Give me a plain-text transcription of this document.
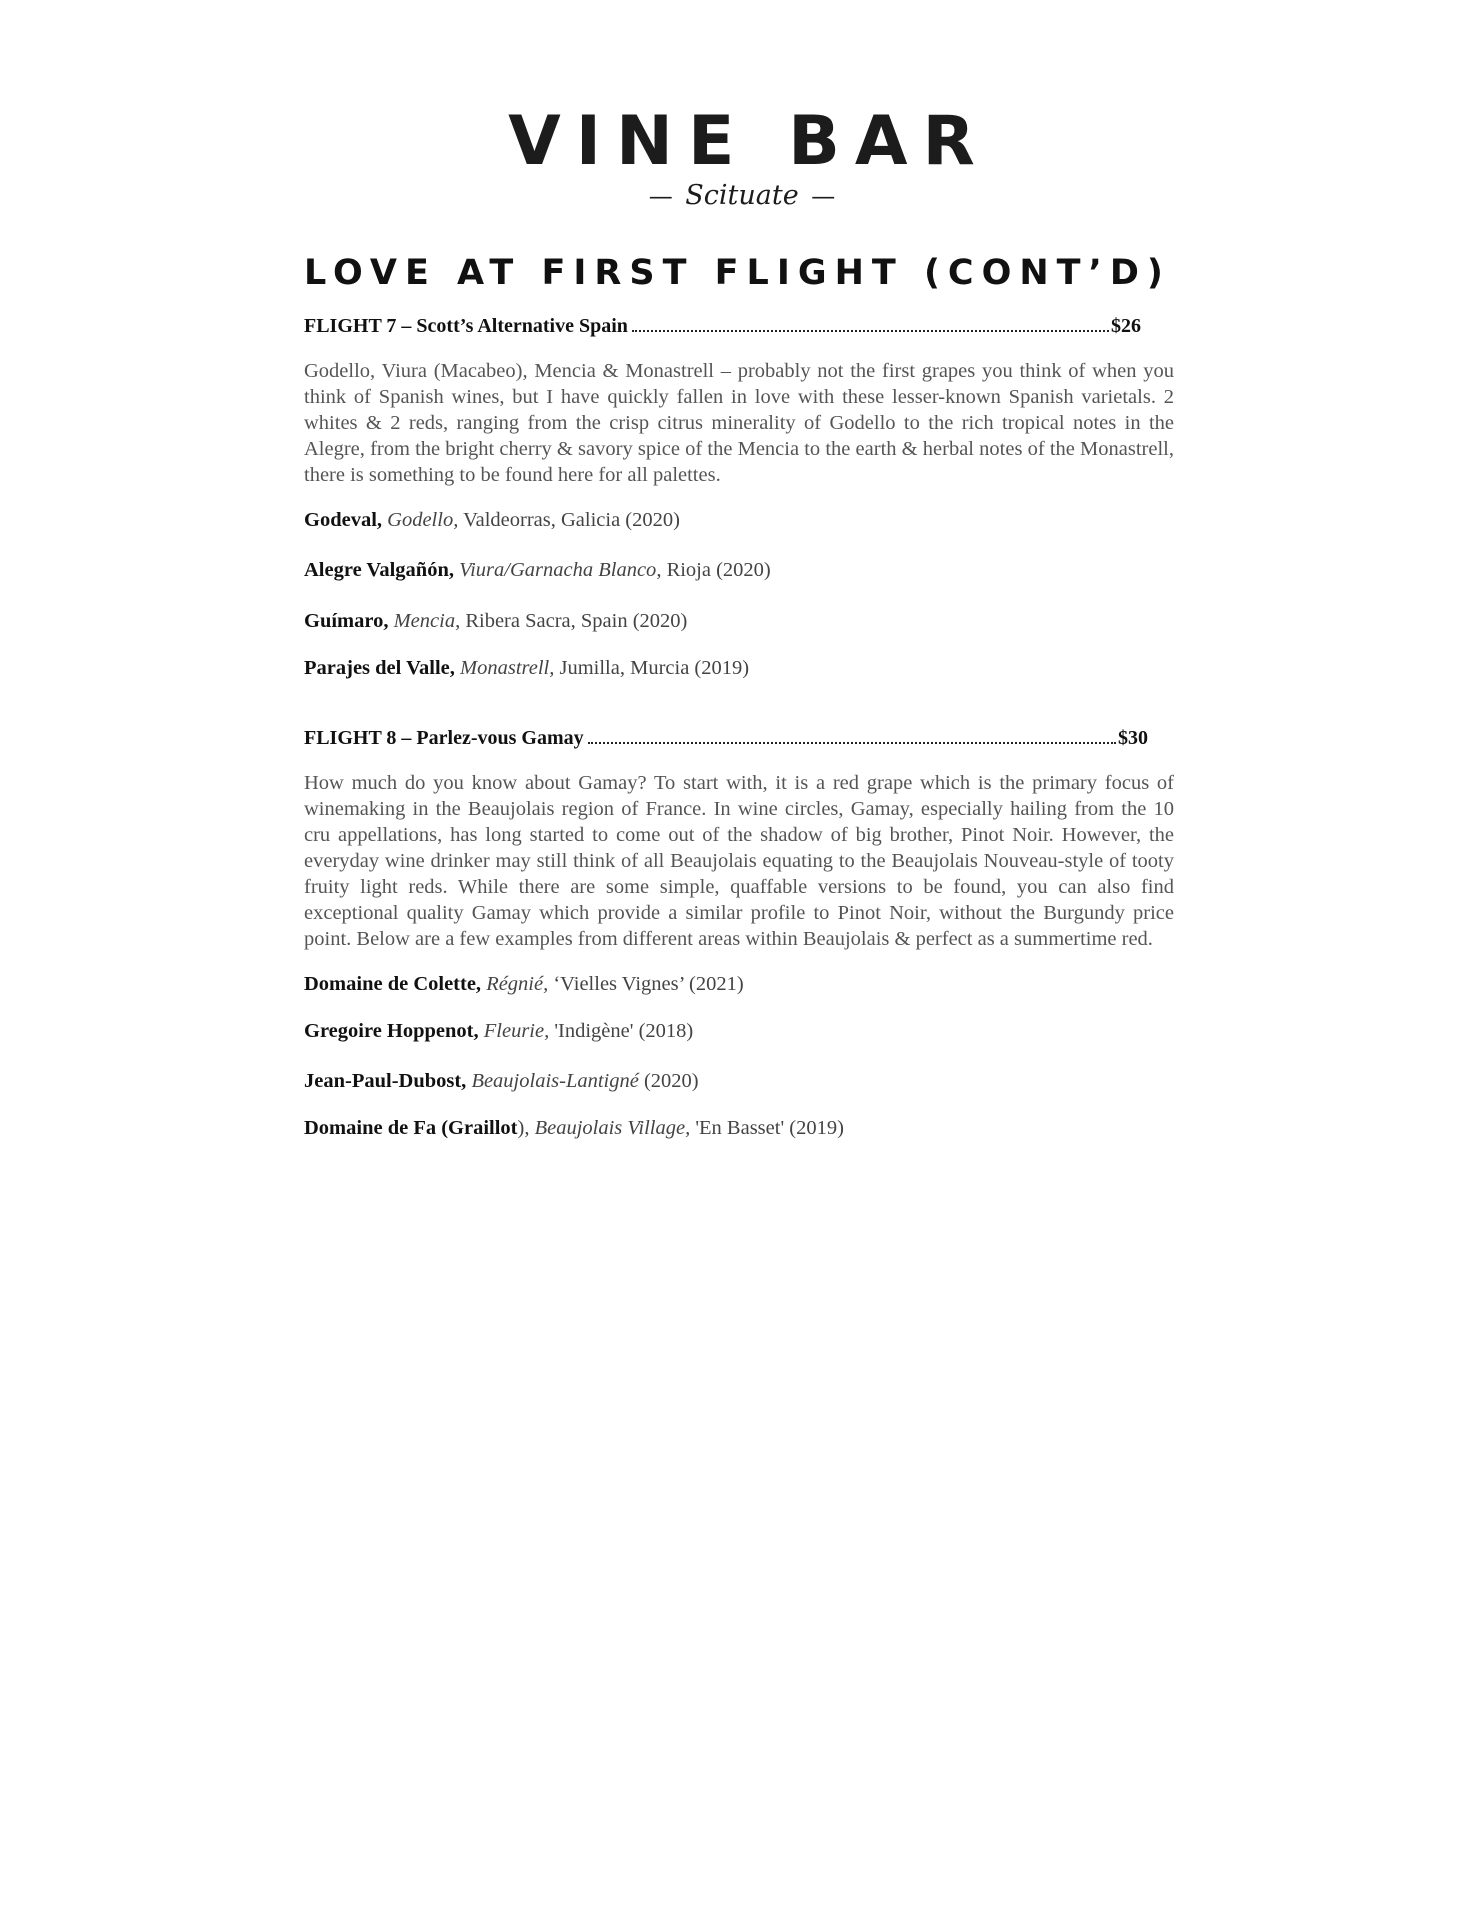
VINE BAR
— Scituate —
LOVE AT FIRST FLIGHT (CONT’D)
FLIGHT 7 – Scott’s Alternative Spain	$26

Godello, Viura (Macabeo), Mencia & Monastrell – probably not the first grapes you think of when you think of Spanish wines, but I have quickly fallen in love with these lesser-known Spanish varietals. 2 whites & 2 reds, ranging from the crisp citrus minerality of Godello to the rich tropical notes in the Alegre, from the bright cherry & savory spice of the Mencia to the earth & herbal notes of the Monastrell, there is something to be found here for all palettes.

Godeval, Godello, Valdeorras, Galicia (2020)
Alegre Valgañón, Viura/Garnacha Blanco, Rioja (2020)
Guímaro, Mencia, Ribera Sacra, Spain (2020)
Parajes del Valle, Monastrell, Jumilla, Murcia (2019)
FLIGHT 8 – Parlez-vous Gamay	$30

How much do you know about Gamay? To start with, it is a red grape which is the primary focus of winemaking in the Beaujolais region of France. In wine circles, Gamay, especially hailing from the 10 cru appellations, has long started to come out of the shadow of big brother, Pinot Noir. However, the everyday wine drinker may still think of all Beaujolais equating to the Beaujolais Nouveau-style of tooty fruity light reds. While there are some simple, quaffable versions to be found, you can also find exceptional quality Gamay which provide a similar profile to Pinot Noir, without the Burgundy price point. Below are a few examples from different areas within Beaujolais & perfect as a summertime red.

Domaine de Colette, Régnié, ‘Vielles Vignes’ (2021)
Gregoire Hoppenot, Fleurie, 'Indigène' (2018)
Jean-Paul-Dubost, Beaujolais-Lantigné (2020)
Domaine de Fa (Graillot), Beaujolais Village, 'En Basset' (2019)
